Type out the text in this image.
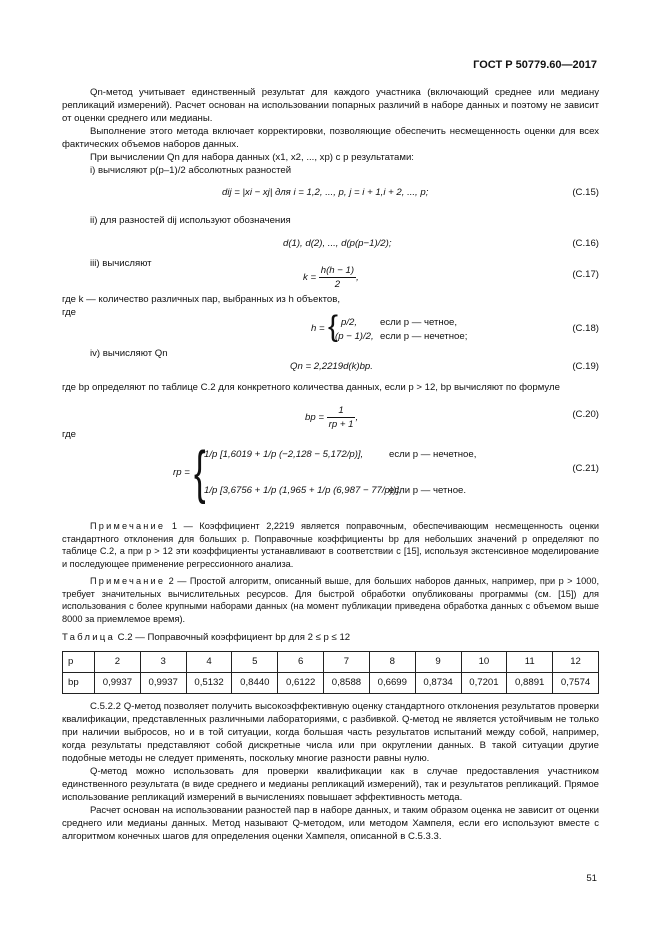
ГОСТ Р 50779.60—2017

Qn-метод учитывает единственный результат для каждого участника (включающий среднее или медиану репликаций измерений). Расчет основан на использовании попарных различий в наборе данных и поэтому не зависит от оценки среднего или медианы.

Выполнение этого метода включает корректировки, позволяющие обеспечить несмещенность оценки для всех фактических объемов наборов данных.

При вычислении Qn для набора данных (x1, x2, ..., xp) с p результатами:

i) вычисляют p(p–1)/2 абсолютных разностей

dij = |xi − xj| для i = 1,2, ..., p, j = i + 1,i + 2, ..., p;	(C.15)

ii) для разностей dij используют обозначения

d(1), d(2), ..., d(p(p−1)/2);	(C.16)

iii) вычисляют

$k = \frac{h(h - 1)}{2}$ ,	(C.17)

где k — количество различных пар, выбранных из h объектов,

где

h = { p/2, если p — четное,
(p − 1)/2, если p — нечетное;
(C.18)

iv) вычисляют Qn

Qn = 2,2219d(k)bp.	(C.19)

где bp определяют по таблице С.2 для конкретного количества данных, если p > 12, bp вычисляют по формуле

bp = $\frac{1}{rp + 1}$ ,	(C.20)

где

rp = {
1/p [1,6019 + 1/p (−2,128 − 5,172/p)],	если p — нечетное,
1/p [3,6756 + 1/p (1,965 + 1/p (6,987 − 77/p))],
если p — четное.
(C.21)

Примечание 1 — Коэффициент 2,2219 является поправочным, обеспечивающим несмещенность оценки стандартного отклонения для больших p. Поправочные коэффициенты bp для небольших значений p определяют по таблице С.2, а при p > 12 эти коэффициенты устанавливают в соответствии с [15], используя экстенсивное моделирование и последующее применение регрессионного анализа.

Примечание 2 — Простой алгоритм, описанный выше, для больших наборов данных, например, при p > 1000, требует значительных вычислительных ресурсов. Для быстрой обработки опубликованы программы (см. [15]) для использования с более крупными наборами данных (на момент публикации приведена обработка данных с объемом выше 8000 за приемлемое время).

Таблица С.2 — Поправочный коэффициент bp для 2 ≤ p ≤ 12

p	2	3	4	5	6	7	8	9	10	11	12
bp	0,9937	0,9937	0,5132	0,8440	0,6122	0,8588	0,6699	0,8734	0,7201	0,8891	0,7574

С.5.2.2 Q-метод позволяет получить высокоэффективную оценку стандартного отклонения результатов проверки квалификации, представленных различными лабораториями, с разбивкой. Q-метод не является устойчивым не только при наличии выбросов, но и в той ситуации, когда большая часть результатов испытаний между собой, например, когда результаты представляют собой дискретные числа или при округлении данных. В такой ситуации другие подобные методы не следует применять, поскольку многие разности равны нулю.

Q-метод можно использовать для проверки квалификации как в случае предоставления участником единственного результата (в виде среднего и медианы репликаций измерений), так и результатов репликаций. Прямое использование репликаций измерений в вычислениях повышает эффективность метода.

Расчет основан на использовании разностей пар в наборе данных, и таким образом оценка не зависит от оценки среднего или медианы данных. Метод называют Q-методом, или методом Хампеля, если его используют вместе с алгоритмом конечных шагов для определения оценки Хампеля, описанной в С.5.3.3.

51
